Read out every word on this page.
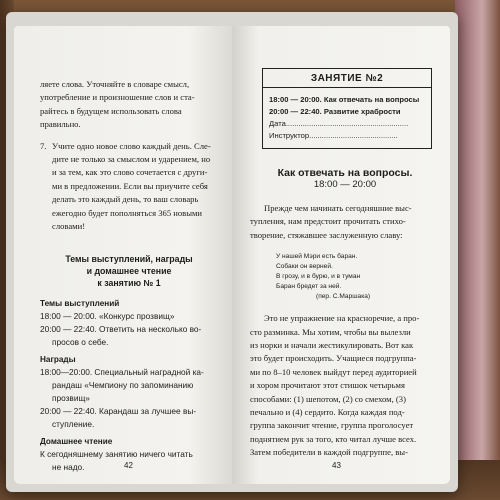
ляете слова. Уточняйте в словаре смысл,

употребление и произношение слов и ста-

райтесь в будущем использовать слова

правильно.

7. Учите одно новое слово каждый день. Сле-

дите не только за смыслом и ударением, но

и за тем, как это слово сочетается с други-

ми в предложении. Если вы приучите себя

делать это каждый день, то ваш словарь

ежегодно будет пополняться 365 новыми

словами!

Темы выступлений, награды
и домашнее чтение
к занятию № 1
Темы выступлений

18:00 — 20:00. «Конкурс прозвищ»

20:00 — 22:40. Ответить на несколько во-

просов о себе.

Награды

18:00—20:00. Специальный наградной ка-

рандаш «Чемпиону по запоминанию

прозвищ»

20:00 — 22:40. Карандаш за лучшее вы-

ступление.

Домашнее чтение

К сегодняшнему занятию ничего читать

не надо.	42
ЗАНЯТИЕ №2
18:00 — 20:00. Как отвечать на вопросы
20:00 — 22:40. Развитие храбрости
Дата..........................................................
Инструктор..........................................
Как отвечать на вопросы.
18:00 — 20:00

Прежде чем начинать сегодняшние выс-

тупления, нам предстоит прочитать стихо-

творение, стяжавшее заслуженную славу:

У нашей Мэри есть баран.
Собаки он верней.
В грозу, и в бурю, и в туман
Баран бредет за ней.
(пер. С.Маршака)

Это не упражнение на красноречие, а про-

сто разминка. Мы хотим, чтобы вы вылезли

из норки и начали жестикулировать. Вот как

это будет происходить. Учащиеся подгруппа-

ми по 8–10 человек выйдут перед аудиторией

и хором прочитают этот стишок четырьмя

способами: (1) шепотом, (2) со смехом, (3)

печально и (4) сердито. Когда каждая под-

группа закончит чтение, группа проголосует

поднятием рук за того, кто читал лучше всех.

Затем победители в каждой подгруппе, вы-

43
